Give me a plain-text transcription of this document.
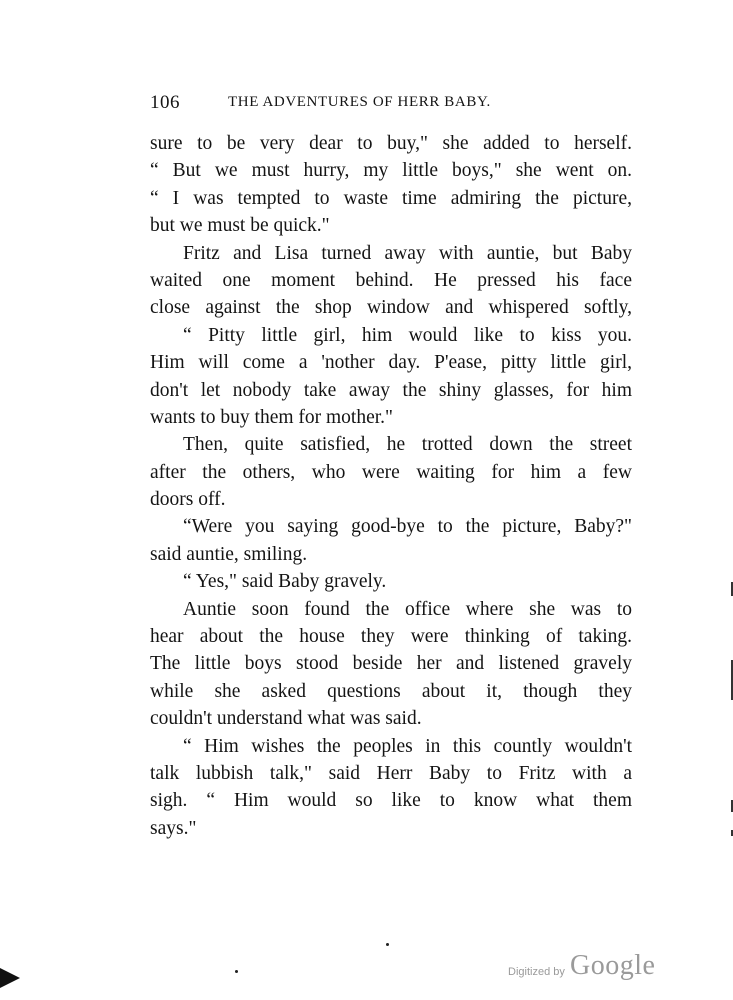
106	THE ADVENTURES OF HERR BABY.
sure to be very dear to buy," she added to herself.
“ But we must hurry, my little boys," she went on.
“ I was tempted to waste time admiring the picture,
but we must be quick."
Fritz and Lisa turned away with auntie, but Baby
waited one moment behind. He pressed his face
close against the shop window and whispered softly,
“ Pitty little girl, him would like to kiss you.
Him will come a 'nother day. P'ease, pitty little girl,
don't let nobody take away the shiny glasses, for him
wants to buy them for mother."
Then, quite satisfied, he trotted down the street
after the others, who were waiting for him a few
doors off.
“Were you saying good-bye to the picture, Baby?"
said auntie, smiling.
“ Yes," said Baby gravely.
Auntie soon found the office where she was to
hear about the house they were thinking of taking.
The little boys stood beside her and listened gravely
while she asked questions about it, though they
couldn't understand what was said.
“ Him wishes the peoples in this countly wouldn't
talk lubbish talk," said Herr Baby to Fritz with a
sigh. “ Him would so like to know what them
says."
Digitized by Google
